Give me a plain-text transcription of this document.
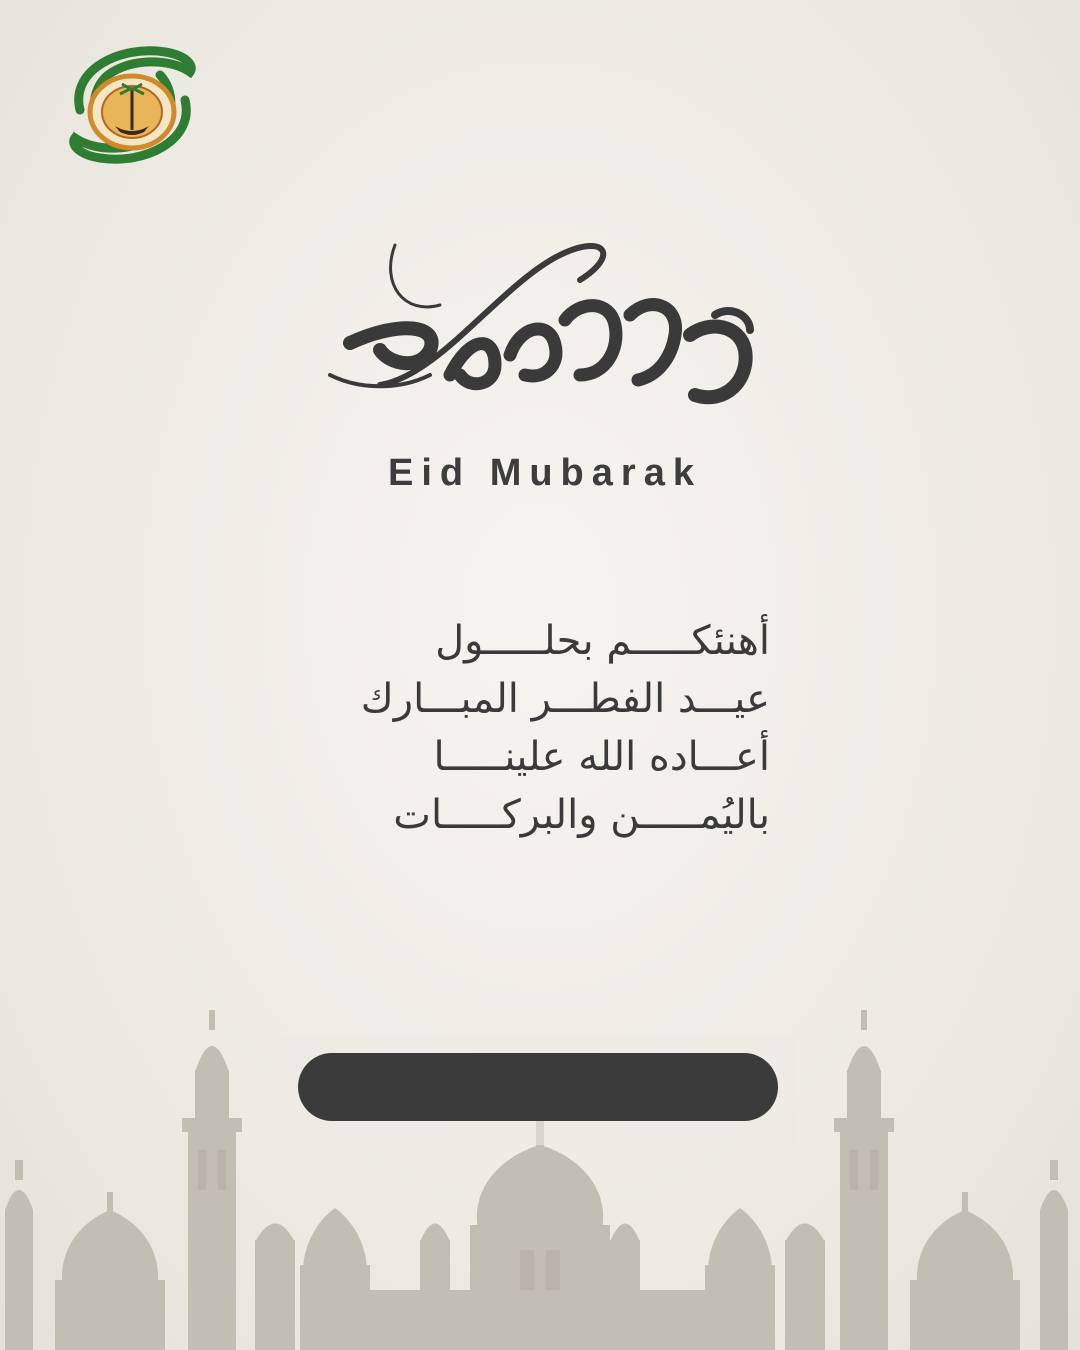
Eid Mubarak
أهنئكـــــم بحلـــــول
عيـــد الفطـــر المبـــارك
أعـــاده الله علينـــــا
باليُمـــــن والبركـــــات
